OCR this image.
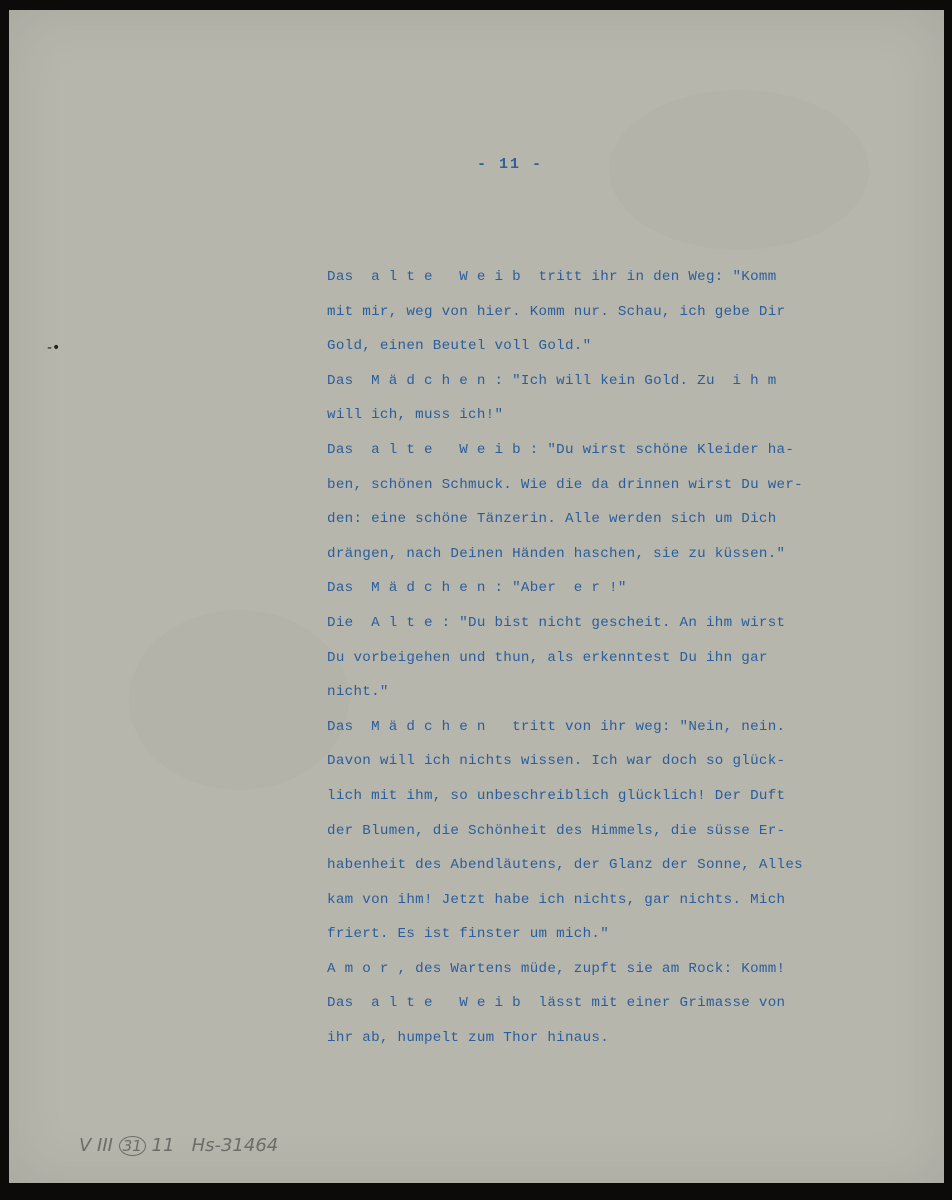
- 11 -
-•
Das  a l t e   W e i b  tritt ihr in den Weg: "Komm
mit mir, weg von hier. Komm nur. Schau, ich gebe Dir
Gold, einen Beutel voll Gold."
Das  M ä d c h e n : "Ich will kein Gold. Zu  i h m
will ich, muss ich!"
Das  a l t e   W e i b : "Du wirst schöne Kleider ha-
ben, schönen Schmuck. Wie die da drinnen wirst Du wer-
den: eine schöne Tänzerin. Alle werden sich um Dich
drängen, nach Deinen Händen haschen, sie zu küssen."
Das  M ä d c h e n : "Aber  e r !"
Die  A l t e : "Du bist nicht gescheit. An ihm wirst
Du vorbeigehen und thun, als erkenntest Du ihn gar
nicht."
Das  M ä d c h e n   tritt von ihr weg: "Nein, nein.
Davon will ich nichts wissen. Ich war doch so glück-
lich mit ihm, so unbeschreiblich glücklich! Der Duft
der Blumen, die Schönheit des Himmels, die süsse Er-
habenheit des Abendläutens, der Glanz der Sonne, Alles
kam von ihm! Jetzt habe ich nichts, gar nichts. Mich
friert. Es ist finster um mich."
A m o r , des Wartens müde, zupft sie am Rock: Komm!
Das  a l t e   W e i b  lässt mit einer Grimasse von
ihr ab, humpelt zum Thor hinaus.
V III 31 11   Hs-31464
